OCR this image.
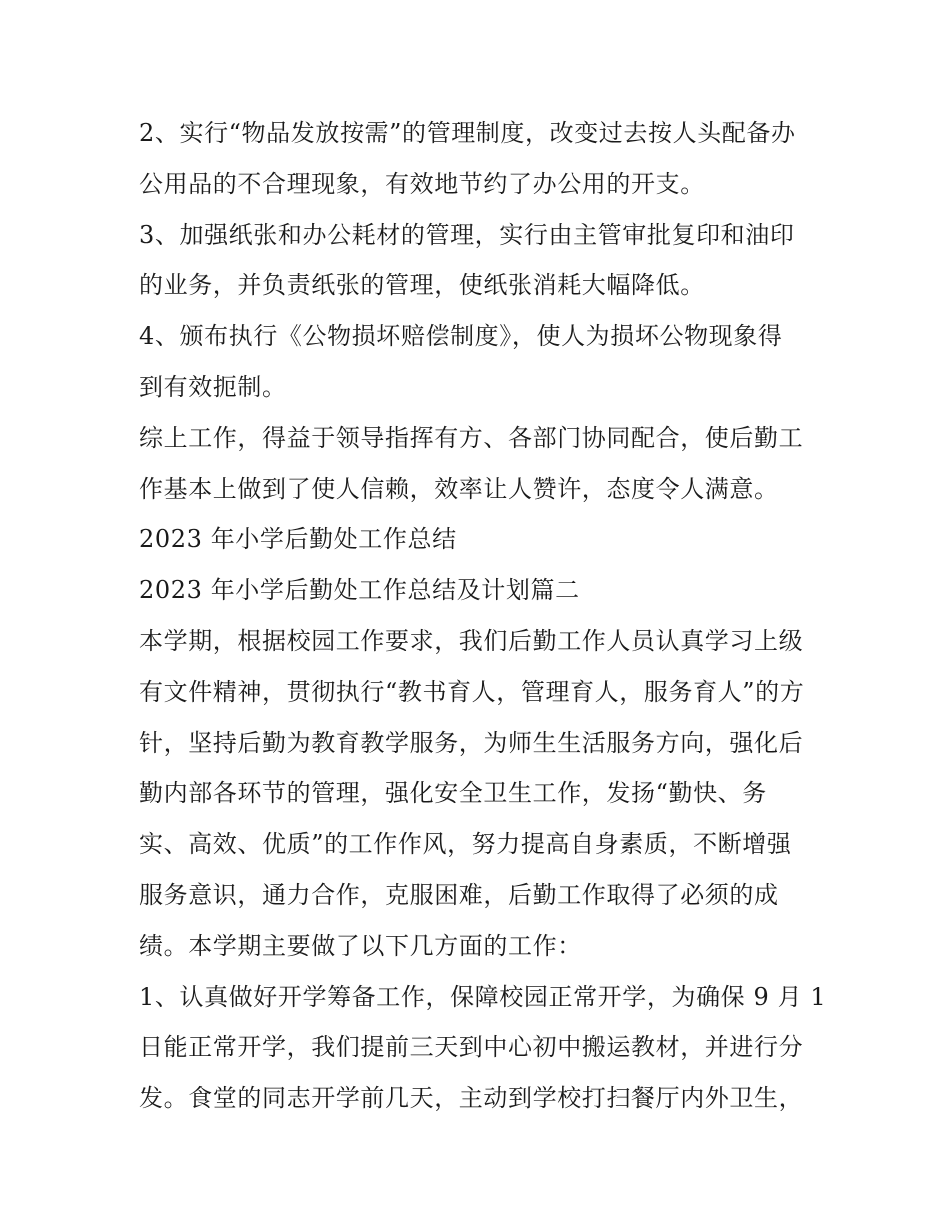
2、实行“物品发放按需”的管理制度，改变过去按人头配备办
公用品的不合理现象，有效地节约了办公用的开支。
3、加强纸张和办公耗材的管理，实行由主管审批复印和油印
的业务，并负责纸张的管理，使纸张消耗大幅降低。
4、颁布执行《公物损坏赔偿制度》，使人为损坏公物现象得
到有效扼制。
综上工作，得益于领导指挥有方、各部门协同配合，使后勤工
作基本上做到了使人信赖，效率让人赞许，态度令人满意。
2023 年小学后勤处工作总结
2023 年小学后勤处工作总结及计划篇二
本学期，根据校园工作要求，我们后勤工作人员认真学习上级
有文件精神，贯彻执行“教书育人，管理育人，服务育人”的方
针，坚持后勤为教育教学服务，为师生生活服务方向，强化后
勤内部各环节的管理，强化安全卫生工作，发扬“勤快、务
实、高效、优质”的工作作风，努力提高自身素质，不断增强
服务意识，通力合作，克服困难，后勤工作取得了必须的成
绩。本学期主要做了以下几方面的工作：
1、认真做好开学筹备工作，保障校园正常开学，为确保 9 月 1
日能正常开学，我们提前三天到中心初中搬运教材，并进行分
发。食堂的同志开学前几天，主动到学校打扫餐厅内外卫生，
